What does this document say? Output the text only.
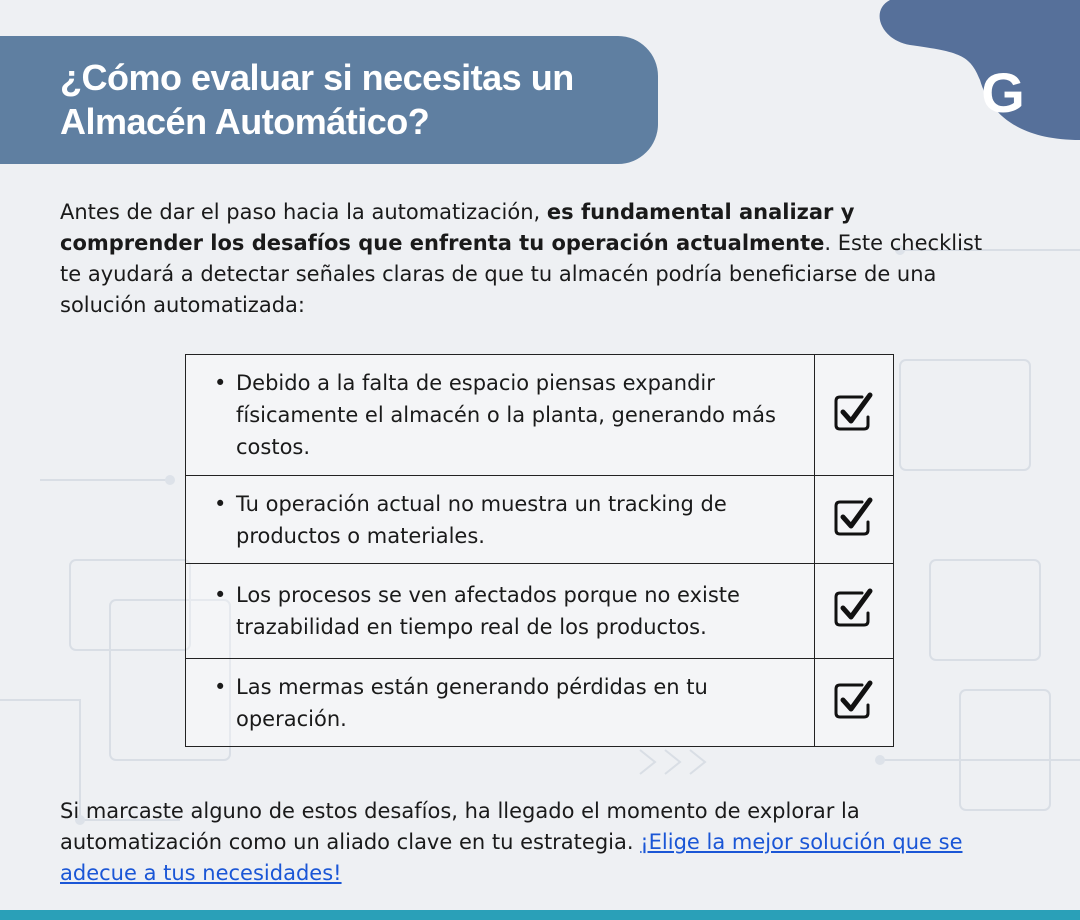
¿Cómo evaluar si necesitas un
Almacén Automático?	G

Antes de dar el paso hacia la automatización, es fundamental analizar y comprender los desafíos que enfrenta tu operación actualmente. Este checklist te ayudará a detectar señales claras de que tu almacén podría beneficiarse de una solución automatizada:

• Debido a la falta de espacio piensas expandir físicamente el almacén o la planta, generando más costos.

• Tu operación actual no muestra un tracking de productos o materiales.

• Los procesos se ven afectados porque no existe trazabilidad en tiempo real de los productos.

• Las mermas están generando pérdidas en tu operación.

Si marcaste alguno de estos desafíos, ha llegado el momento de explorar la automatización como un aliado clave en tu estrategia. ¡Elige la mejor solución que se adecue a tus necesidades!
